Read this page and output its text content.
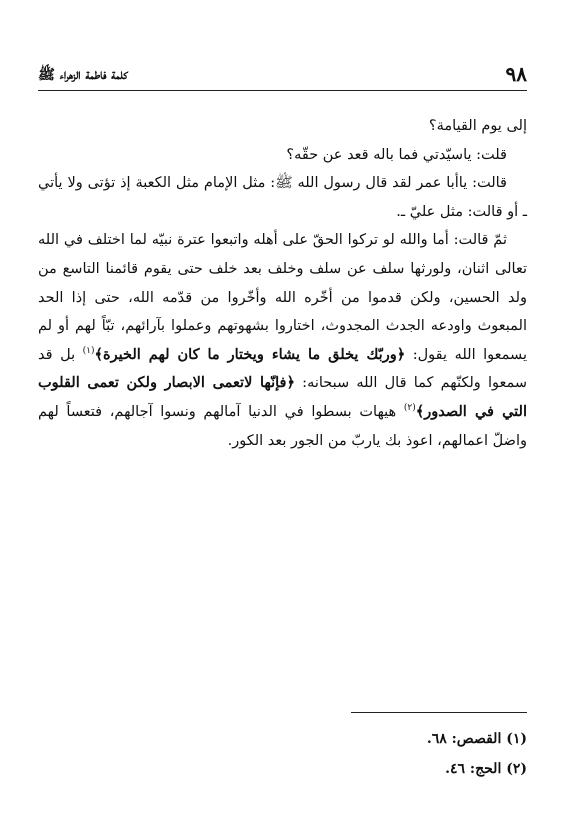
٩٨
كلمة فاطمة الزهراء ﷺ

إلى يوم القيامة؟

قلت: ياسيّدتي فما باله قعد عن حقّه؟

قالت: ياأبا عمر لقد قال رسول الله ﷺ: مثل الإمام مثل الكعبة إذ تؤتى ولا يأتي ـ أو قالت: مثل عليّ ـ.

ثمّ قالت: أما والله لو تركوا الحقّ على أهله واتبعوا عترة نبيّه لما اختلف في الله تعالى اثنان، ولورثها سلف عن سلف وخلف بعد خلف حتى يقوم قائمنا التاسع من ولد الحسين، ولكن قدموا من أخّره الله وأخّروا من قدّمه الله، حتى إذا الحد المبعوث واودعه الجدث المجدوث، اختاروا بشهوتهم وعملوا بآرائهم، تبّاً لهم أو لم يسمعوا الله يقول: ﴿وربّك يخلق ما يشاء ويختار ما كان لهم الخيرة﴾$^{(١)}$ بل قد سمعوا ولكنّهم كما قال الله سبحانه: ﴿فإنّها لاتعمى الابصار ولكن تعمى القلوب التي في الصدور﴾$^{(٢)}$ هيهات بسطوا في الدنيا آمالهم ونسوا آجالهم، فتعساً لهم واضلّ اعمالهم، اعوذ بك ياربّ من الجور بعد الكور.

(١) القصص: ٦٨.

(٢) الحج: ٤٦.
